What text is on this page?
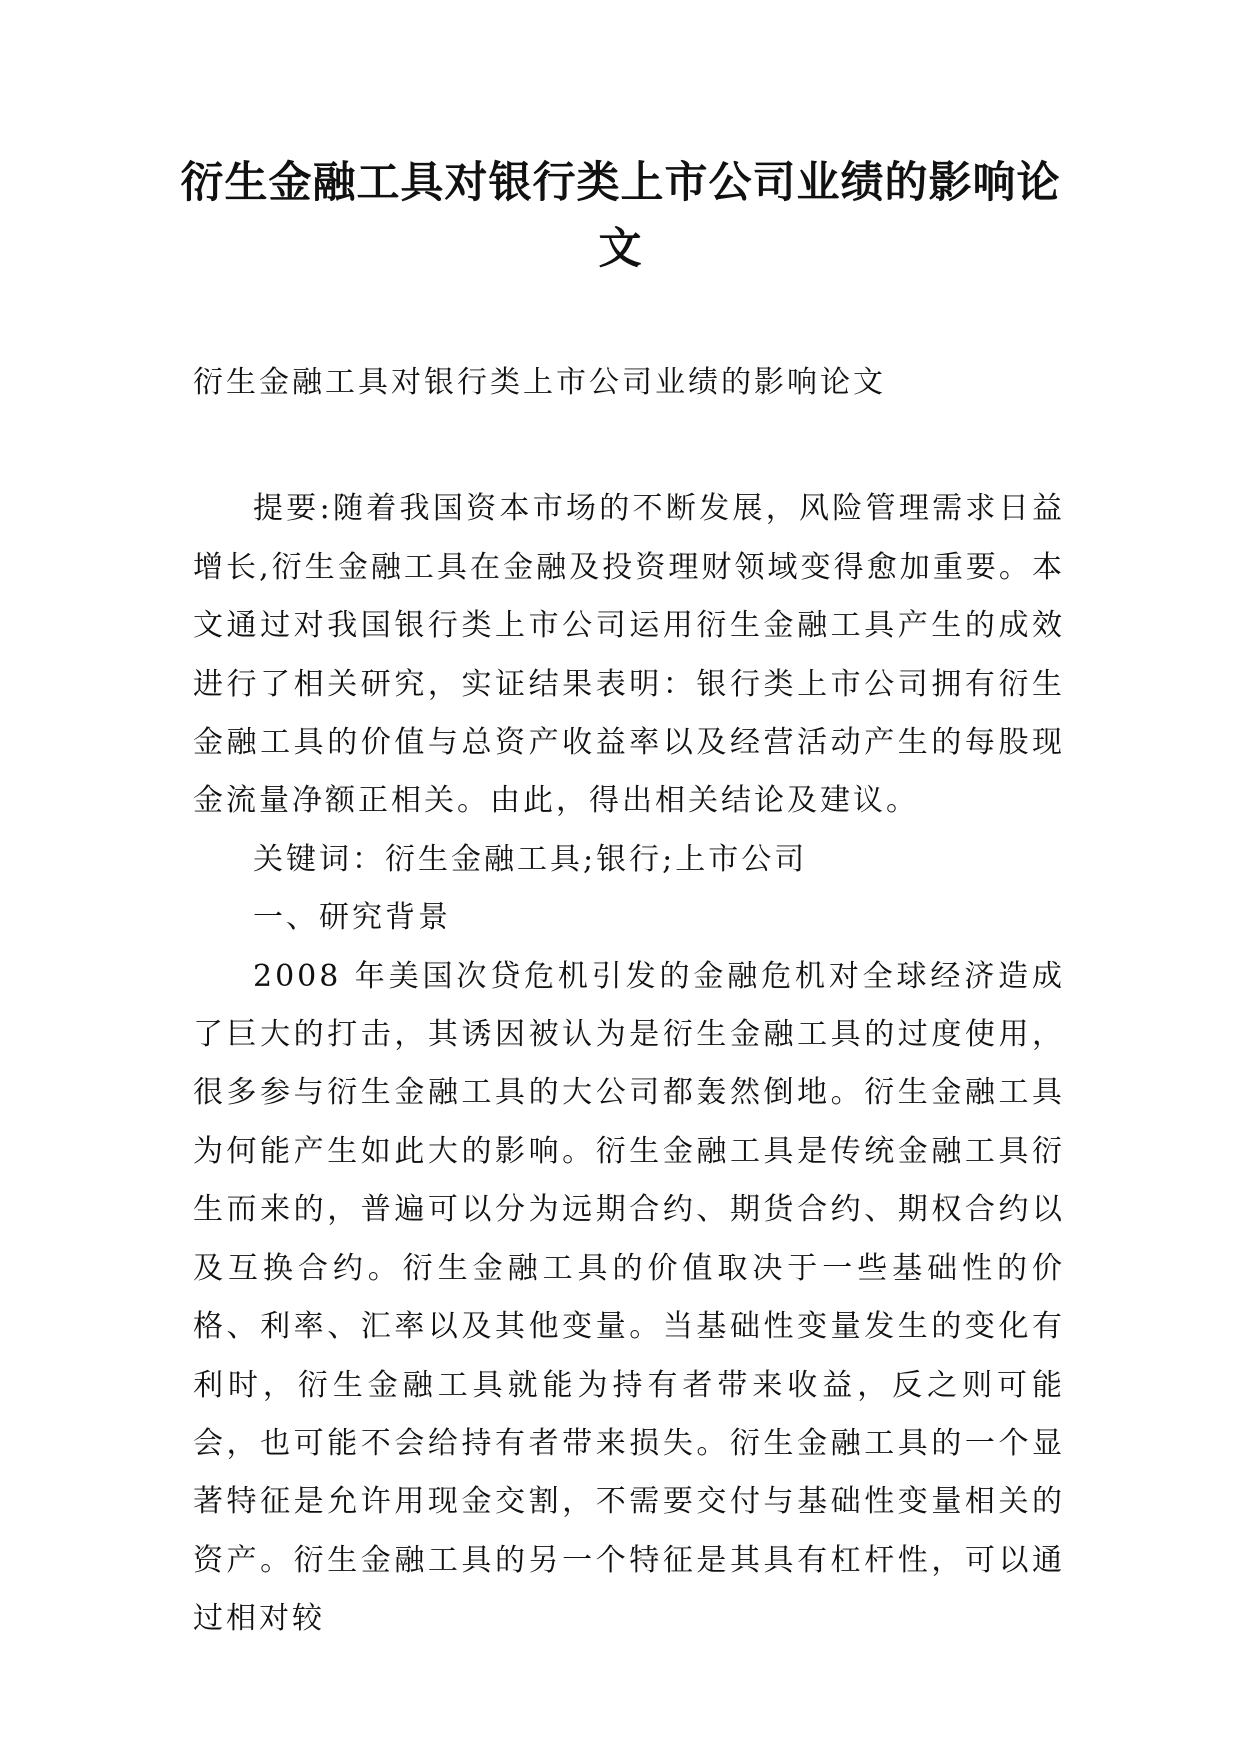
衍生金融工具对银行类上市公司业绩的影响论文

衍生金融工具对银行类上市公司业绩的影响论文

提要:随着我国资本市场的不断发展，风险管理需求日益增长,衍生金融工具在金融及投资理财领域变得愈加重要。本文通过对我国银行类上市公司运用衍生金融工具产生的成效进行了相关研究，实证结果表明：银行类上市公司拥有衍生金融工具的价值与总资产收益率以及经营活动产生的每股现金流量净额正相关。由此，得出相关结论及建议。

关键词：衍生金融工具;银行;上市公司

一、研究背景

2008 年美国次贷危机引发的金融危机对全球经济造成了巨大的打击，其诱因被认为是衍生金融工具的过度使用，很多参与衍生金融工具的大公司都轰然倒地。衍生金融工具为何能产生如此大的影响。衍生金融工具是传统金融工具衍生而来的，普遍可以分为远期合约、期货合约、期权合约以及互换合约。衍生金融工具的价值取决于一些基础性的价格、利率、汇率以及其他变量。当基础性变量发生的变化有利时，衍生金融工具就能为持有者带来收益，反之则可能会，也可能不会给持有者带来损失。衍生金融工具的一个显著特征是允许用现金交割，不需要交付与基础性变量相关的资产。衍生金融工具的另一个特征是其具有杠杆性，可以通过相对较
